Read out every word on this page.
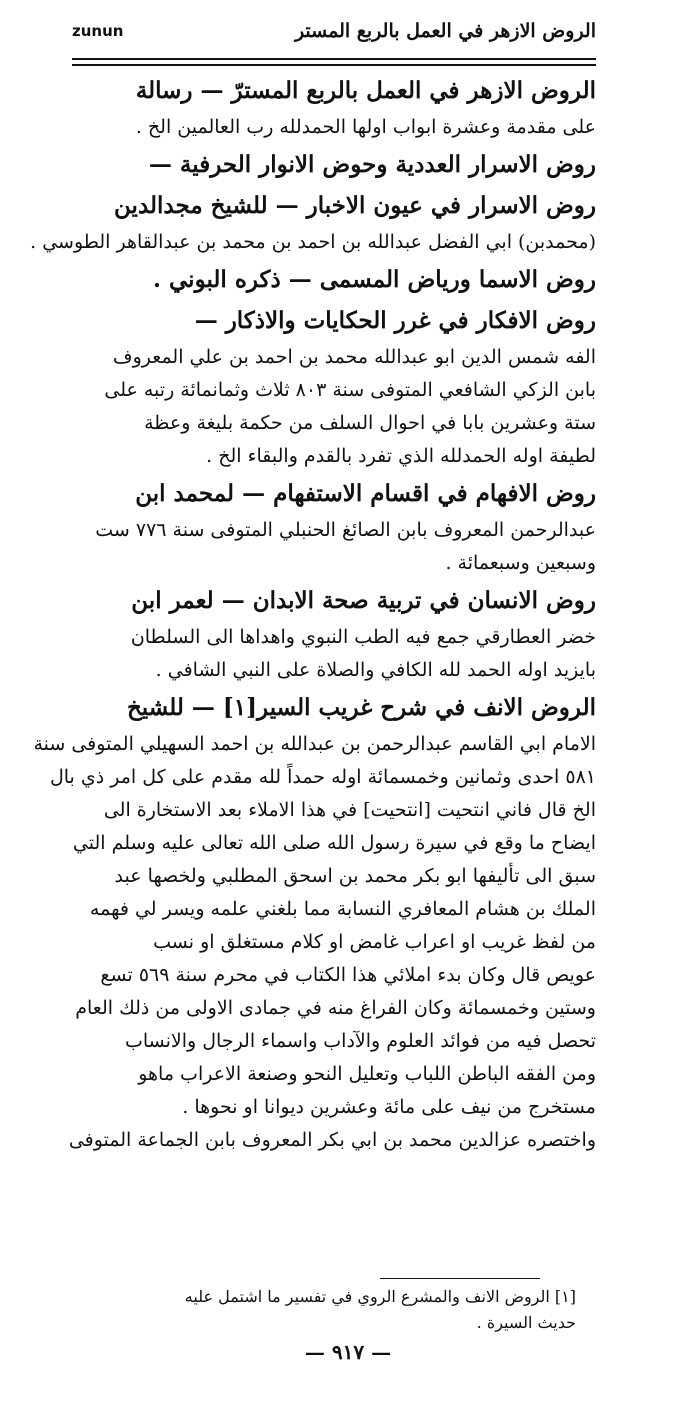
zunun	الروض الازهر في العمل بالربع المستر
الروض الازهر في العمل بالربع المسترّ — رسالة
على مقدمة وعشرة ابواب اولها الحمدلله رب العالمين الخ .
روض الاسرار العددية وحوض الانوار الحرفية —
روض الاسرار في عيون الاخبار — للشيخ مجدالدين
(محمدبن) ابي الفضل عبدالله بن احمد بن محمد بن عبدالقاهر الطوسي .
روض الاسما ورياض المسمى — ذكره البوني .
روض الافكار في غرر الحكايات والاذكار —
الفه شمس الدين ابو عبدالله محمد بن احمد بن علي المعروف
بابن الزكي الشافعي المتوفى سنة ٨٠٣ ثلاث وثمانمائة رتبه على
ستة وعشرين بابا في احوال السلف من حكمة بليغة وعظة
لطيفة اوله الحمدلله الذي تفرد بالقدم والبقاء الخ .
روض الافهام في اقسام الاستفهام — لمحمد ابن
عبدالرحمن المعروف بابن الصائغ الحنبلي المتوفى سنة ٧٧٦ ست
وسبعين وسبعمائة .
روض الانسان في تربية صحة الابدان — لعمر ابن
خضر العطارقي جمع فيه الطب النبوي واهداها الى السلطان
بايزيد اوله الحمد لله الكافي والصلاة على النبي الشافي .
الروض الانف في شرح غريب السير[١] — للشيخ
الامام ابي القاسم عبدالرحمن بن عبدالله بن احمد السهيلي المتوفى سنة
٥٨١ احدى وثمانين وخمسمائة اوله حمداً لله مقدم على كل امر ذي بال
الخ قال فاني انتحيت [انتحيت] في هذا الاملاء بعد الاستخارة الى
ايضاح ما وقع في سيرة رسول الله صلى الله تعالى عليه وسلم التي
سبق الى تأليفها ابو بكر محمد بن اسحق المطلبي ولخصها عبد
الملك بن هشام المعافري النسابة مما بلغني علمه ويسر لي فهمه
من لفظ غريب او اعراب غامض او كلام مستغلق او نسب
عويص قال وكان بدء املائي هذا الكتاب في محرم سنة ٥٦٩ تسع
وستين وخمسمائة وكان الفراغ منه في جمادى الاولى من ذلك العام
تحصل فيه من فوائد العلوم والآداب واسماء الرجال والانساب
ومن الفقه الباطن اللباب وتعليل النحو وصنعة الاعراب ماهو
مستخرج من نيف على مائة وعشرين ديوانا او نحوها .
واختصره عزالدين محمد بن ابي بكر المعروف بابن الجماعة المتوفى
[١] الروض الانف والمشرع الروي في تفسير ما اشتمل عليه
حديث السيرة .
— ٩١٧ —
